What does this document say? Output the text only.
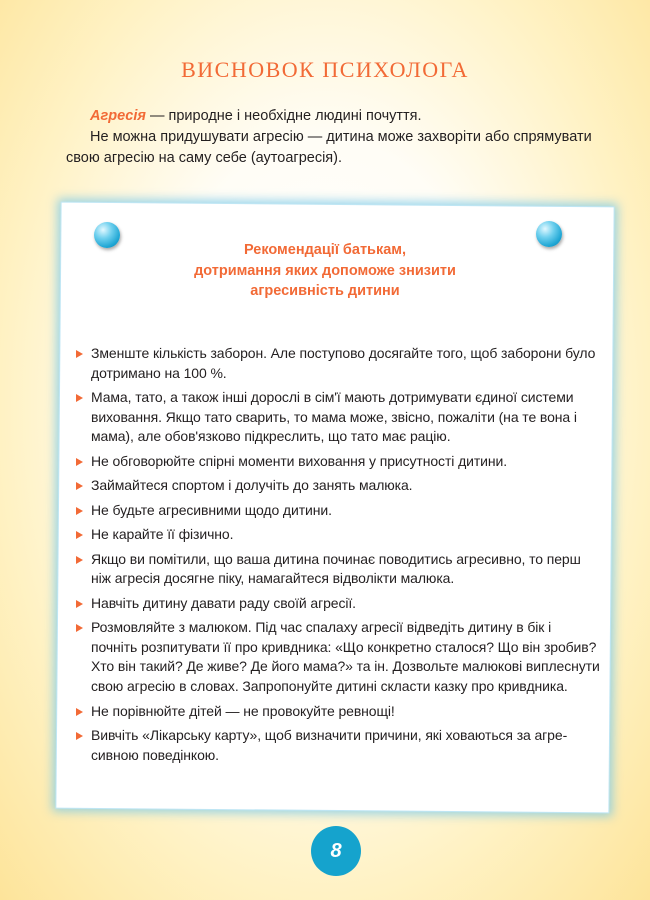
ВИСНОВОК ПСИХОЛОГА

Агресія — природне і необхідне людині почуття.

Не можна придушувати агресію — дитина може захворіти або спрямувати свою агресію на саму себе (аутоагресія).

Рекомендації батькам,
дотримання яких допоможе знизити
агресивність дитини
Зменште кількість заборон. Але поступово досягайте того, щоб заборони було дотримано на 100 %.
Мама, тато, а також інші дорослі в сім'ї мають дотримувати єдиної системи виховання. Якщо тато сварить, то мама може, звісно, пожаліти (на те вона і мама), але обов'язково підкреслить, що тато має рацію.
Не обговорюйте спірні моменти виховання у присутності дитини.
Займайтеся спортом і долучіть до занять малюка.
Не будьте агресивними щодо дитини.
Не карайте її фізично.
Якщо ви помітили, що ваша дитина починає поводитись агресивно, то перш ніж агресія досягне піку, намагайтеся відволікти малюка.
Навчіть дитину давати раду своїй агресії.
Розмовляйте з малюком. Під час спалаху агресії відведіть дитину в бік і почніть розпитувати її про кривдника: «Що конкретно сталося? Що він зробив? Хто він такий? Де живе? Де його мама?» та ін. Дозвольте малюкові виплеснути свою агресію в словах. Запропонуйте дитині скласти казку про кривдника.
Не порівнюйте дітей — не провокуйте ревнощі!
Вивчіть «Лікарську карту», щоб визначити причини, які ховаються за агресивною поведінкою.
8
